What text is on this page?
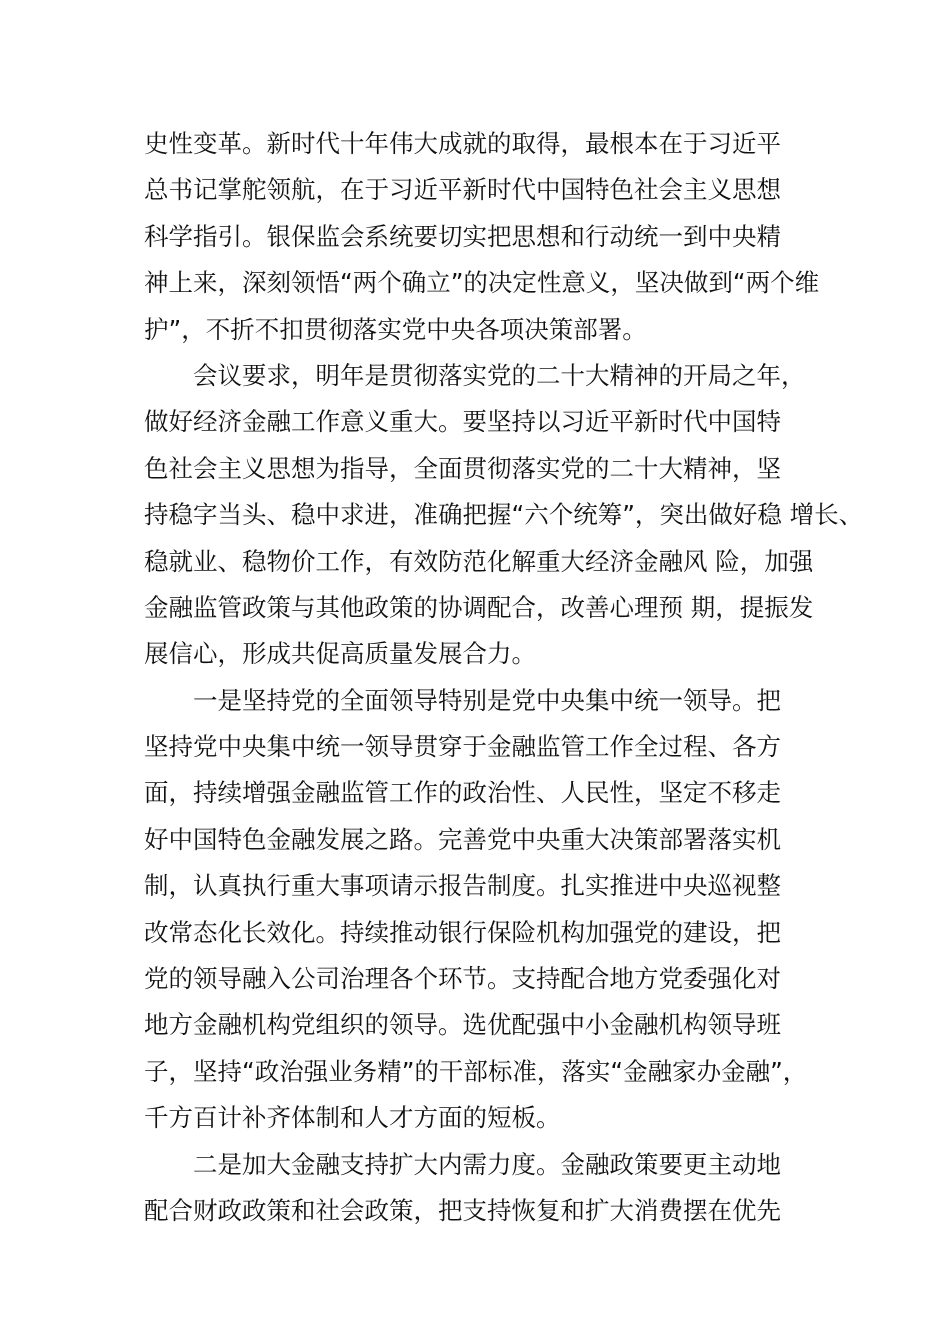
史性变革。新时代十年伟大成就的取得，最根本在于习近平
总书记掌舵领航，在于习近平新时代中国特色社会主义思想
科学指引。银保监会系统要切实把思想和行动统一到中央精
神上来，深刻领悟“两个确立”的决定性意义，坚决做到“两个维
护”，不折不扣贯彻落实党中央各项决策部署。
会议要求，明年是贯彻落实党的二十大精神的开局之年，
做好经济金融工作意义重大。要坚持以习近平新时代中国特
色社会主义思想为指导，全面贯彻落实党的二十大精神，坚
持稳字当头、稳中求进，准确把握“六个统筹”，突出做好稳 增长、
稳就业、稳物价工作，有效防范化解重大经济金融风 险，加强
金融监管政策与其他政策的协调配合，改善心理预 期，提振发
展信心，形成共促高质量发展合力。
一是坚持党的全面领导特别是党中央集中统一领导。把
坚持党中央集中统一领导贯穿于金融监管工作全过程、各方
面，持续增强金融监管工作的政治性、人民性，坚定不移走
好中国特色金融发展之路。完善党中央重大决策部署落实机
制，认真执行重大事项请示报告制度。扎实推进中央巡视整
改常态化长效化。持续推动银行保险机构加强党的建设，把
党的领导融入公司治理各个环节。支持配合地方党委强化对
地方金融机构党组织的领导。选优配强中小金融机构领导班
子，坚持“政治强业务精”的干部标准，落实“金融家办金融”，
千方百计补齐体制和人才方面的短板。
二是加大金融支持扩大内需力度。金融政策要更主动地
配合财政政策和社会政策，把支持恢复和扩大消费摆在优先
